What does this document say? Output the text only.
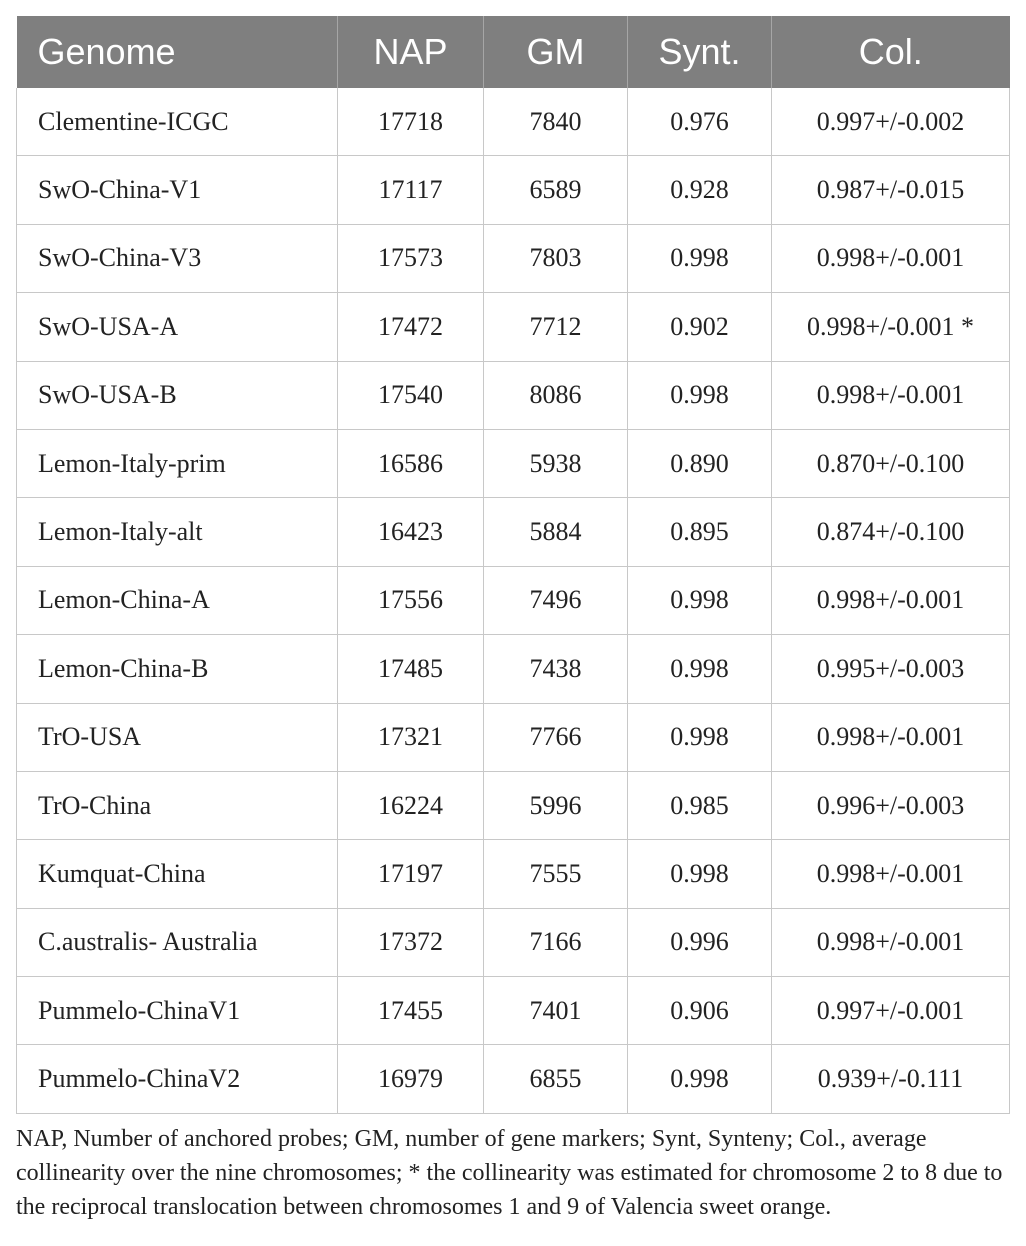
Genome	NAP	GM	Synt.	Col.
Clementine-ICGC	17718	7840	0.976	0.997+/-0.002
SwO-China-V1	17117	6589	0.928	0.987+/-0.015
SwO-China-V3	17573	7803	0.998	0.998+/-0.001
SwO-USA-A	17472	7712	0.902	0.998+/-0.001 *
SwO-USA-B	17540	8086	0.998	0.998+/-0.001
Lemon-Italy-prim	16586	5938	0.890	0.870+/-0.100
Lemon-Italy-alt	16423	5884	0.895	0.874+/-0.100
Lemon-China-A	17556	7496	0.998	0.998+/-0.001
Lemon-China-B	17485	7438	0.998	0.995+/-0.003
TrO-USA	17321	7766	0.998	0.998+/-0.001
TrO-China	16224	5996	0.985	0.996+/-0.003
Kumquat-China	17197	7555	0.998	0.998+/-0.001
C.australis- Australia	17372	7166	0.996	0.998+/-0.001
Pummelo-ChinaV1	17455	7401	0.906	0.997+/-0.001
Pummelo-ChinaV2	16979	6855	0.998	0.939+/-0.111

NAP, Number of anchored probes; GM, number of gene markers; Synt, Synteny; Col., average collinearity over the nine chromosomes; * the collinearity was estimated for chromosome 2 to 8 due to the reciprocal translocation between chromosomes 1 and 9 of Valencia sweet orange.
